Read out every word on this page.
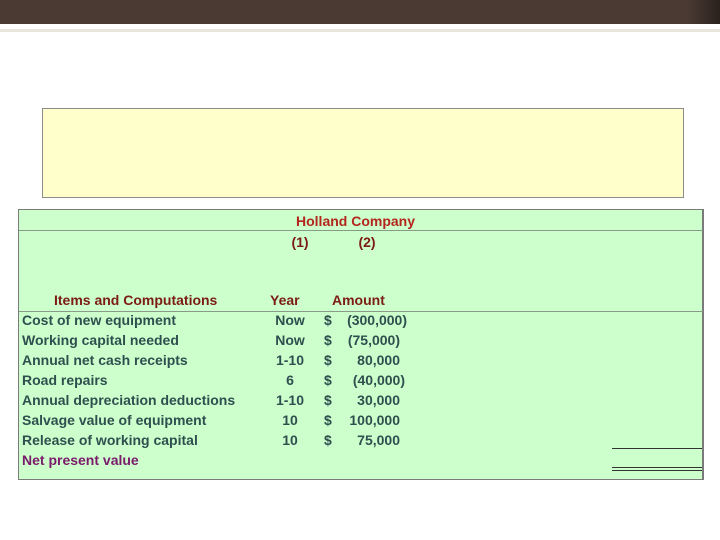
Holland Company
(1)	(2)
Items and Computations	Year Amount
Cost of new equipment	Now	$	(300,000)
Working capital needed	Now	$	(75,000)
Annual net cash receipts	1-10	$	80,000
Road repairs	6	$	(40,000)
Annual depreciation deductions	1-10	$	30,000
Salvage value of equipment	10	$	100,000
Release of working capital	10	$	75,000
Net present value
